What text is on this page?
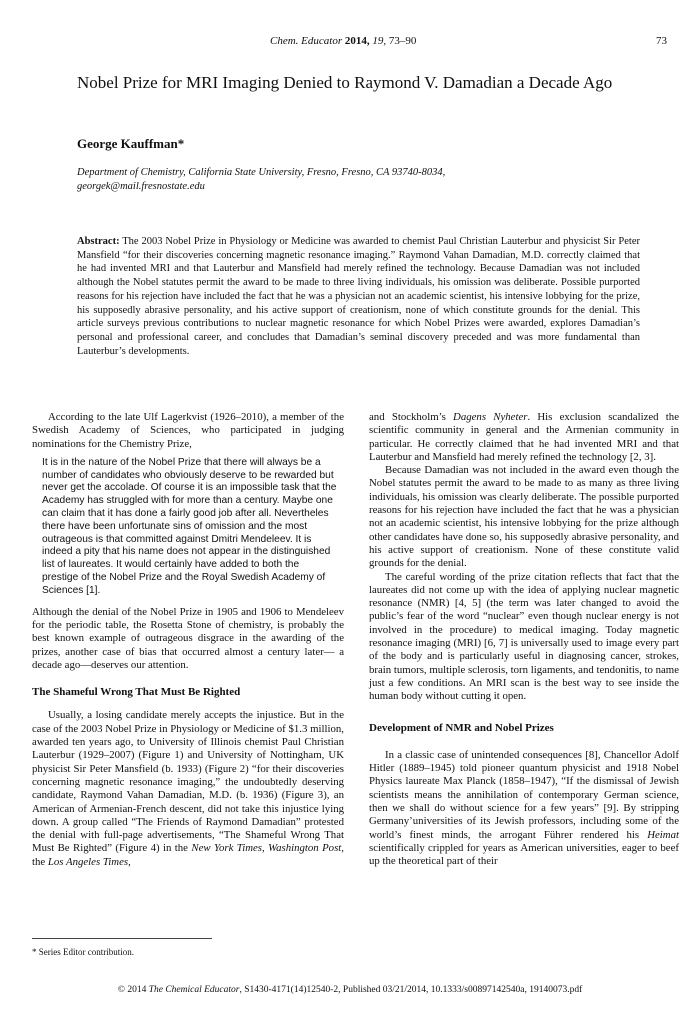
Chem. Educator 2014, 19, 73–90	73
Nobel Prize for MRI Imaging Denied to Raymond V. Damadian a Decade Ago
George Kauffman*
Department of Chemistry, California State University, Fresno, Fresno, CA 93740-8034,
georgek@mail.fresnostate.edu
Abstract: The 2003 Nobel Prize in Physiology or Medicine was awarded to chemist Paul Christian Lauterbur and physicist Sir Peter Mansfield “for their discoveries concerning magnetic resonance imaging.” Raymond Vahan Damadian, M.D. correctly claimed that he had invented MRI and that Lauterbur and Mansfield had merely refined the technology. Because Damadian was not included although the Nobel statutes permit the award to be made to three living individuals, his omission was deliberate. Possible purported reasons for his rejection have included the fact that he was a physician not an academic scientist, his intensive lobbying for the prize, his supposedly abrasive personality, and his active support of creationism, none of which constitute grounds for the denial. This article surveys previous contributions to nuclear magnetic resonance for which Nobel Prizes were awarded, explores Damadian’s personal and professional career, and concludes that Damadian’s seminal discovery preceded and was more fundamental than Lauterbur’s developments.

According to the late Ulf Lagerkvist (1926–2010), a member of the Swedish Academy of Sciences, who participated in judging nominations for the Chemistry Prize,

It is in the nature of the Nobel Prize that there will always be a number of candidates who obviously deserve to be rewarded but never get the accolade. Of course it is an impossible task that the Academy has struggled with for more than a century. Maybe one can claim that it has done a fairly good job after all. Nevertheles there have been unfortunate sins of omission and the most outrageous is that committed against Dmitri Mendeleev. It is indeed a pity that his name does not appear in the distinguished list of laureates. It would certainly have added to both the prestige of the Nobel Prize and the Royal Swedish Academy of Sciences [1].

Although the denial of the Nobel Prize in 1905 and 1906 to Mendeleev for the periodic table, the Rosetta Stone of chemistry, is probably the best known example of outrageous disgrace in the awarding of the prizes, another case of bias that occurred almost a century later— a decade ago—deserves our attention.

The Shameful Wrong That Must Be Righted

Usually, a losing candidate merely accepts the injustice. But in the case of the 2003 Nobel Prize in Physiology or Medicine of $1.3 million, awarded ten years ago, to University of Illinois chemist Paul Christian Lauterbur (1929–2007) (Figure 1) and University of Nottingham, UK physicist Sir Peter Mansfield (b. 1933) (Figure 2) “for their discoveries concerning magnetic resonance imaging,” the undoubtedly deserving candidate, Raymond Vahan Damadian, M.D. (b. 1936) (Figure 3), an American of Armenian-French descent, did not take this injustice lying down. A group called “The Friends of Raymond Damadian” protested the denial with full-page advertisements, “The Shameful Wrong That Must Be Righted” (Figure 4) in the New York Times, Washington Post, the Los Angeles Times,

and Stockholm’s Dagens Nyheter. His exclusion scandalized the scientific community in general and the Armenian community in particular. He correctly claimed that he had invented MRI and that Lauterbur and Mansfield had merely refined the technology [2, 3].

Because Damadian was not included in the award even though the Nobel statutes permit the award to be made to as many as three living individuals, his omission was clearly deliberate. The possible purported reasons for his rejection have included the fact that he was a physician not an academic scientist, his intensive lobbying for the prize although other candidates have done so, his supposedly abrasive personality, and his active support of creationism. None of these constitute valid grounds for the denial.

The careful wording of the prize citation reflects that fact that the laureates did not come up with the idea of applying nuclear magnetic resonance (NMR) [4, 5] (the term was later changed to avoid the public’s fear of the word “nuclear” even though nuclear energy is not involved in the procedure) to medical imaging. Today magnetic resonance imaging (MRI) [6, 7] is universally used to image every part of the body and is particularly useful in diagnosing cancer, strokes, brain tumors, multiple sclerosis, torn ligaments, and tendonitis, to name just a few conditions. An MRI scan is the best way to see inside the human body without cutting it open.

Development of NMR and Nobel Prizes

In a classic case of unintended consequences [8], Chancellor Adolf Hitler (1889–1945) told pioneer quantum physicist and 1918 Nobel Physics laureate Max Planck (1858–1947), “If the dismissal of Jewish scientists means the annihilation of contemporary German science, then we shall do without science for a few years” [9]. By stripping Germany’universities of its Jewish professors, including some of the world’s finest minds, the arrogant Führer rendered his Heimat scientifically crippled for years as American universities, eager to beef up the theoretical part of their

* Series Editor contribution.
© 2014 The Chemical Educator, S1430-4171(14)12540-2, Published 03/21/2014, 10.1333/s00897142540a, 19140073.pdf
